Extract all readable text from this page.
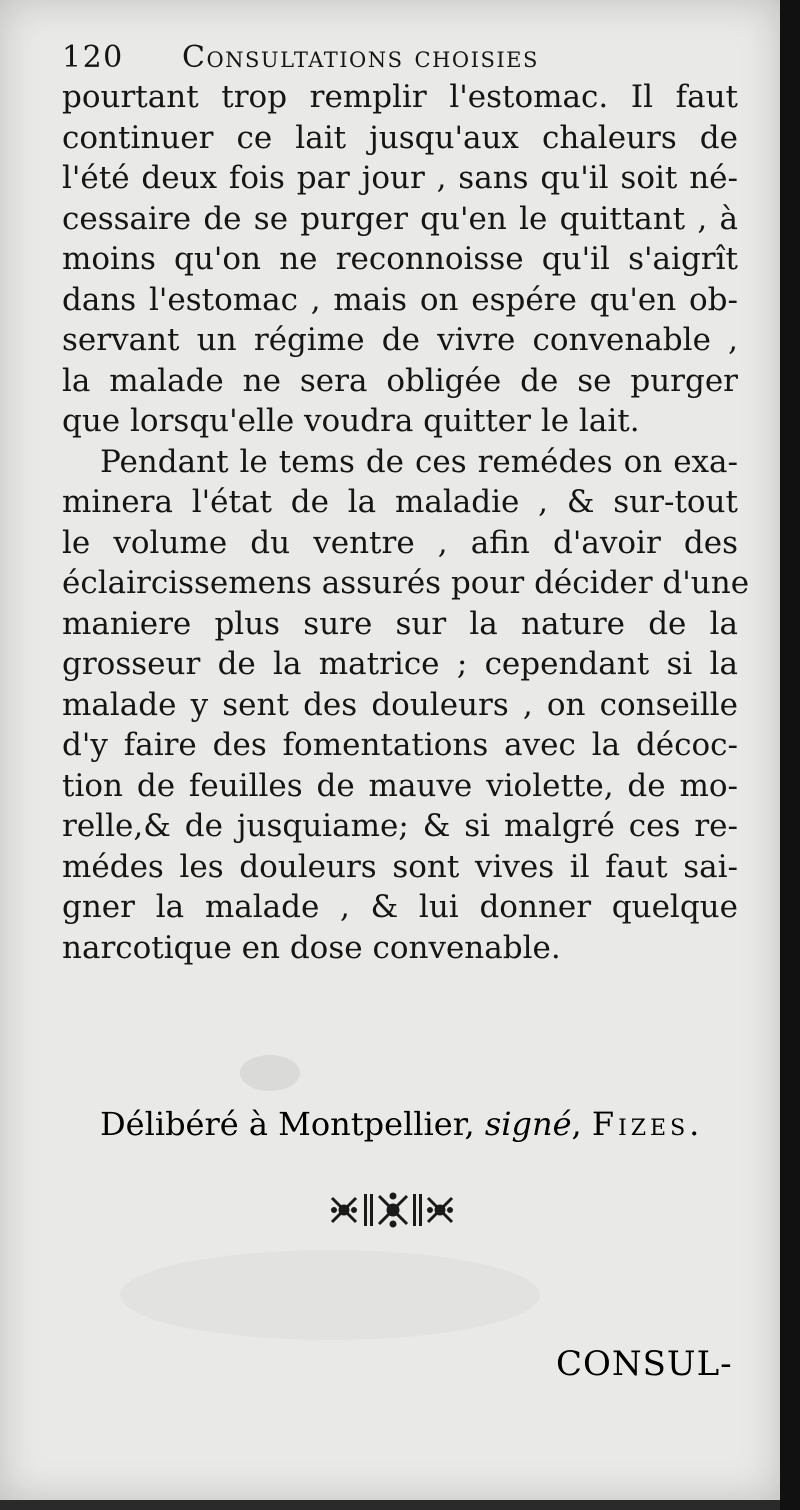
120	Consultations choisies

pourtant trop remplir l'estomac. Il faut
continuer ce lait jusqu'aux chaleurs de
l'été deux fois par jour , sans qu'il soit né-
cessaire de se purger qu'en le quittant , à
moins qu'on ne reconnoisse qu'il s'aigrît
dans l'estomac , mais on espére qu'en ob-
servant un régime de vivre convenable ,
la malade ne sera obligée de se purger
que lorsqu'elle voudra quitter le lait.

Pendant le tems de ces remédes on exa-
minera l'état de la maladie , & sur-tout
le volume du ventre , afin d'avoir des
éclaircissemens assurés pour décider d'une
maniere plus sure sur la nature de la
grosseur de la matrice ; cependant si la
malade y sent des douleurs , on conseille
d'y faire des fomentations avec la décoc-
tion de feuilles de mauve violette, de mo-
relle,& de jusquiame; & si malgré ces re-
médes les douleurs sont vives il faut sai-
gner la malade , & lui donner quelque
narcotique en dose convenable.

Délibéré à Montpellier, signé, Fizes.
CONSUL-
